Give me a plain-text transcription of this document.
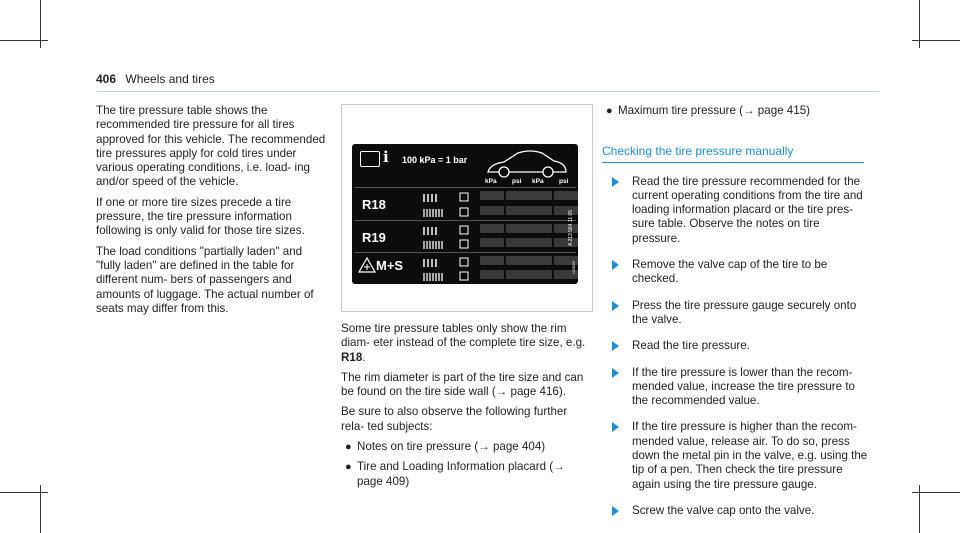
406 Wheels and tires

The tire pressure table shows the recommended tire pressure for all tires approved for this vehicle. The recommended tire pressures apply for cold tires under various operating conditions, i.e. load- ing and/or speed of the vehicle.

If one or more tire sizes precede a tire pressure, the tire pressure information following is only valid for those tire sizes.

The load conditions "partially laden" and "fully laden" are defined in the table for different num- bers of passengers and amounts of luggage. The actual number of seats may differ from this.

i 100 kPa = 1 bar
kPa psi kPa psi
R18
R19
M+S
A 213 584 11 05
1236047

Some tire pressure tables only show the rim diam- eter instead of the complete tire size, e.g. R18.

The rim diameter is part of the tire size and can be found on the tire side wall (→ page 416).

Be sure to also observe the following further rela- ted subjects:

● Notes on tire pressure (→ page 404)
● Tire and Loading Information placard (→ page 409)
● Maximum tire pressure (→ page 415)
Checking the tire pressure manually
Read the tire pressure recommended for the current operating conditions from the tire and loading information placard or the tire pres- sure table. Observe the notes on tire pressure.
Remove the valve cap of the tire to be checked.
Press the tire pressure gauge securely onto the valve.
Read the tire pressure.
If the tire pressure is lower than the recom- mended value, increase the tire pressure to the recommended value.
If the tire pressure is higher than the recom- mended value, release air. To do so, press down the metal pin in the valve, e.g. using the tip of a pen. Then check the tire pressure again using the tire pressure gauge.
Screw the valve cap onto the valve.
